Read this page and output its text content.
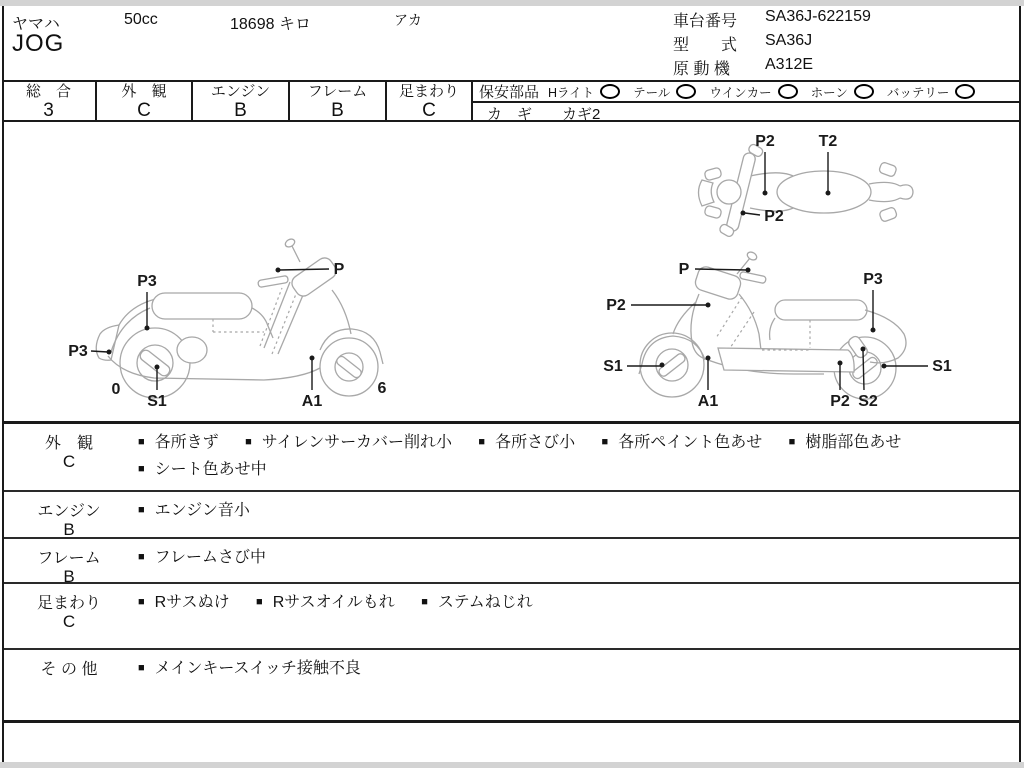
ヤマハ	50cc	18698 キロ	アカ
JOG
車台番号	SA36J-622159
型　　式	SA36J
原 動 機	A312E
総　合
3
外　観
C
エンジン
B
フレーム
B
足まわり
C
保安部品 Hライト	テール	ウインカー	ホーン	バッテリー
カ　ギ カギ2
P2	T2
P2
P3
P3
P
S1	A1
0	6
P
P2
P3
S1	S1
A1	P2 S2
外　観
C
■ 各所きず ■ サイレンサーカバー削れ小 ■ 各所さび小 ■ 各所ペイント色あせ ■ 樹脂部色あせ ■ シート色あせ中
エンジン
B
■ エンジン音小
フレーム
B
■ フレームさび中
足まわり
C
■ Rサスぬけ ■ Rサスオイルもれ ■ ステムねじれ
そ の 他	■ メインキースイッチ接触不良
